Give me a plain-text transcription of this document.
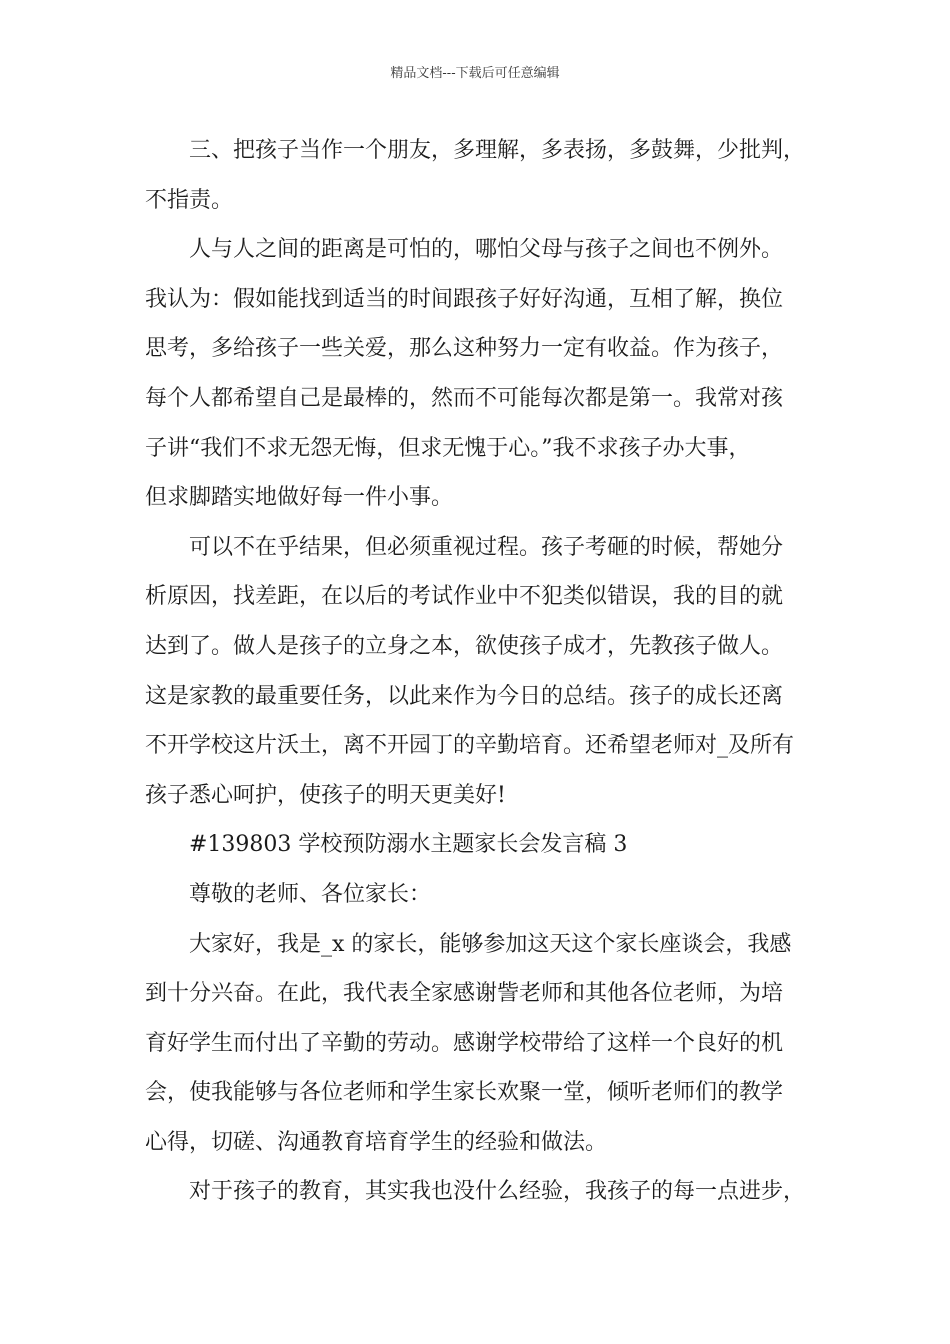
精品文档---下载后可任意编辑

三、把孩子当作一个朋友，多理解，多表扬，多鼓舞，少批判，
不指责。

人与人之间的距离是可怕的，哪怕父母与孩子之间也不例外。
我认为：假如能找到适当的时间跟孩子好好沟通，互相了解，换位
思考，多给孩子一些关爱，那么这种努力一定有收益。作为孩子，
每个人都希望自己是最棒的，然而不可能每次都是第一。我常对孩
子讲“我们不求无怨无悔，但求无愧于心。”我不求孩子办大事，
但求脚踏实地做好每一件小事。

可以不在乎结果，但必须重视过程。孩子考砸的时候，帮她分
析原因，找差距，在以后的考试作业中不犯类似错误，我的目的就
达到了。做人是孩子的立身之本，欲使孩子成才，先教孩子做人。
这是家教的最重要任务，以此来作为今日的总结。孩子的成长还离
不开学校这片沃土，离不开园丁的辛勤培育。还希望老师对_及所有
孩子悉心呵护，使孩子的明天更美好!

#139803 学校预防溺水主题家长会发言稿 3

尊敬的老师、各位家长：

大家好，我是_x 的家长，能够参加这天这个家长座谈会，我感
到十分兴奋。在此，我代表全家感谢訾老师和其他各位老师，为培
育好学生而付出了辛勤的劳动。感谢学校带给了这样一个良好的机
会，使我能够与各位老师和学生家长欢聚一堂，倾听老师们的教学
心得，切磋、沟通教育培育学生的经验和做法。

对于孩子的教育，其实我也没什么经验，我孩子的每一点进步，
